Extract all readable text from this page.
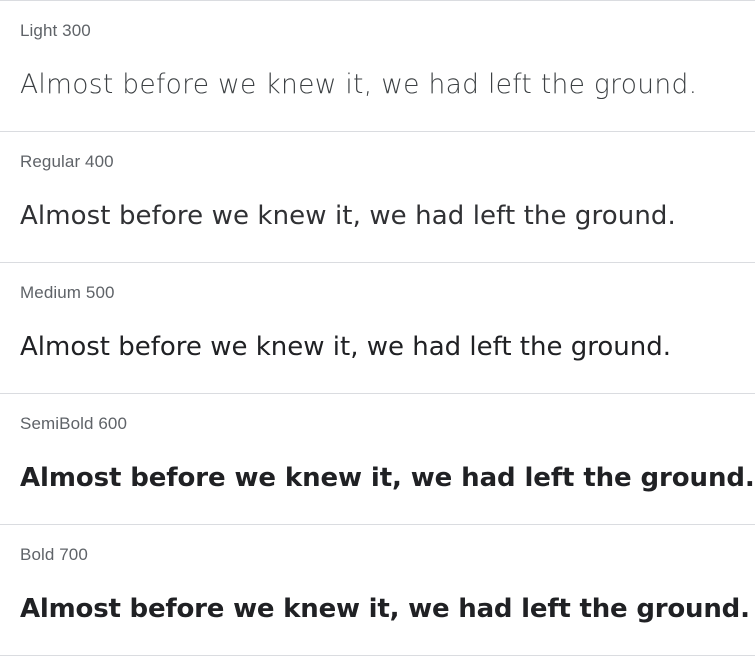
Light 300
Almost before we knew it, we had left the ground.
Regular 400
Almost before we knew it, we had left the ground.
Medium 500
Almost before we knew it, we had left the ground.
SemiBold 600
Almost before we knew it, we had left the ground.
Bold 700
Almost before we knew it, we had left the ground.
